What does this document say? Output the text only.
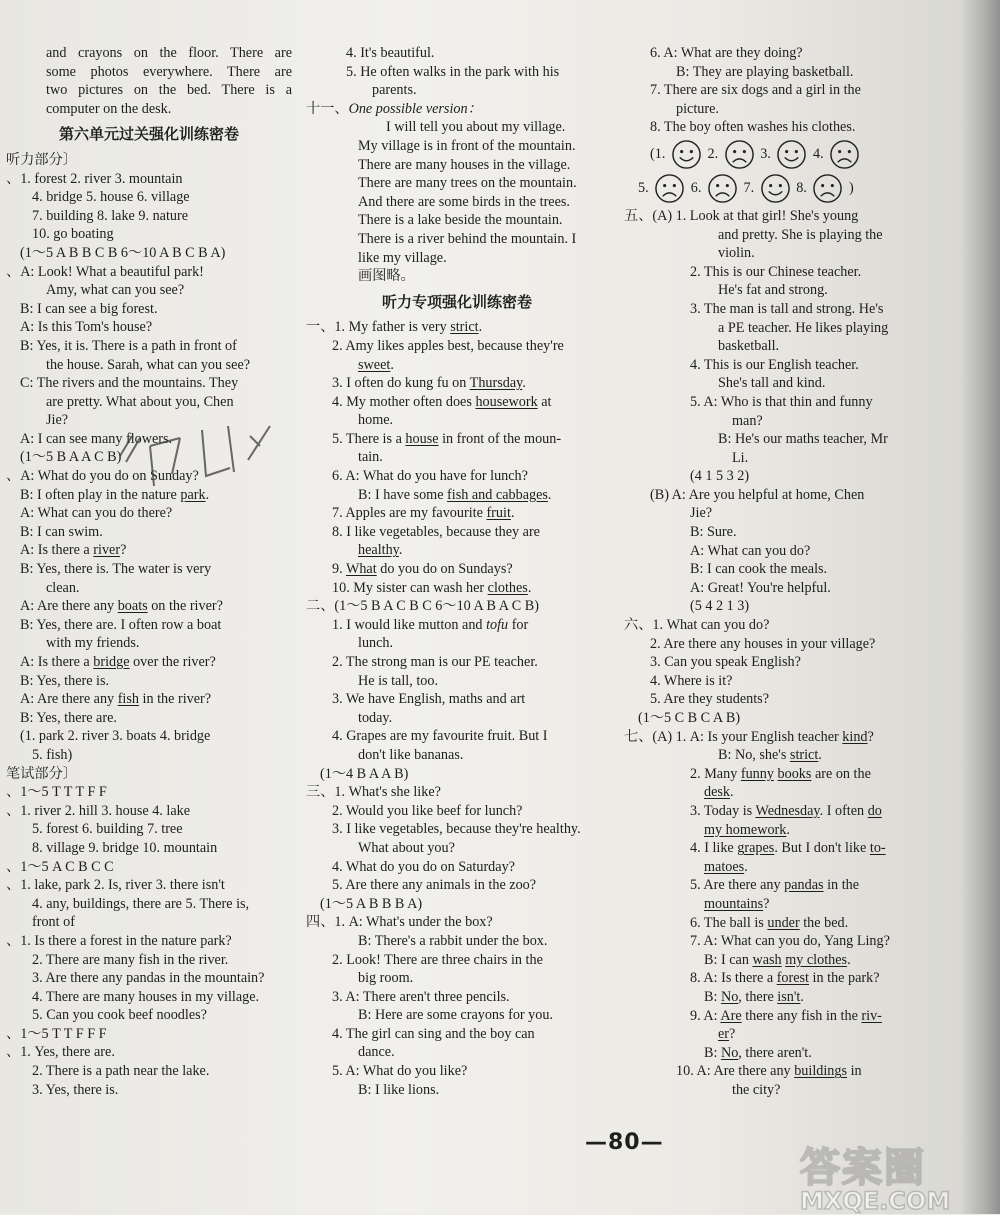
and crayons on the floor. There are
some photos everywhere. There are
two pictures on the bed. There is a
computer on the desk.
第六单元过关强化训练密卷
听力部分〕
、1. forest 2. river 3. mountain
4. bridge 5. house 6. village
7. building 8. lake 9. nature
10. go boating
(1～5 A B B C B 6～10 A B C B A)
、A: Look! What a beautiful park!
Amy, what can you see?
B: I can see a big forest.
A: Is this Tom's house?
B: Yes, it is. There is a path in front of
the house. Sarah, what can you see?
C: The rivers and the mountains. They
are pretty. What about you, Chen
Jie?
A: I can see many flowers.
(1～5 B A A C B)
、A: What do you do on Sunday?
B: I often play in the nature park.
A: What can you do there?
B: I can swim.
A: Is there a river?
B: Yes, there is. The water is very
clean.
A: Are there any boats on the river?
B: Yes, there are. I often row a boat
with my friends.
A: Is there a bridge over the river?
B: Yes, there is.
A: Are there any fish in the river?
B: Yes, there are.
(1. park 2. river 3. boats 4. bridge
5. fish)
笔试部分〕
、1～5 T T T F F
、1. river 2. hill 3. house 4. lake
5. forest 6. building 7. tree
8. village 9. bridge 10. mountain
、1～5 A C B C C
、1. lake, park 2. Is, river 3. there isn't
4. any, buildings, there are 5. There is,
front of
、1. Is there a forest in the nature park?
2. There are many fish in the river.
3. Are there any pandas in the mountain?
4. There are many houses in my village.
5. Can you cook beef noodles?
、1～5 T T F F F
、1. Yes, there are.
2. There is a path near the lake.
3. Yes, there is.
4. It's beautiful.
5. He often walks in the park with his
parents.
十一、One possible version：
I will tell you about my village.
My village is in front of the mountain.
There are many houses in the village.
There are many trees on the mountain.
And there are some birds in the trees.
There is a lake beside the mountain.
There is a river behind the mountain. I
like my village.
画图略。
听力专项强化训练密卷
一、1. My father is very strict.
2. Amy likes apples best, because they're
sweet.
3. I often do kung fu on Thursday.
4. My mother often does housework at
home.
5. There is a house in front of the moun-
tain.
6. A: What do you have for lunch?
B: I have some fish and cabbages.
7. Apples are my favourite fruit.
8. I like vegetables, because they are
healthy.
9. What do you do on Sundays?
10. My sister can wash her clothes.
二、(1～5 B A C B C 6～10 A B A C B)
1. I would like mutton and tofu for
lunch.
2. The strong man is our PE teacher.
He is tall, too.
3. We have English, maths and art
today.
4. Grapes are my favourite fruit. But I
don't like bananas.
(1～4 B A A B)
三、1. What's she like?
2. Would you like beef for lunch?
3. I like vegetables, because they're healthy.
What about you?
4. What do you do on Saturday?
5. Are there any animals in the zoo?
(1～5 A B B B A)
四、1. A: What's under the box?
B: There's a rabbit under the box.
2. Look! There are three chairs in the
big room.
3. A: There aren't three pencils.
B: Here are some crayons for you.
4. The girl can sing and the boy can
dance.
5. A: What do you like?
B: I like lions.
6. A: What are they doing?
B: They are playing basketball.
7. There are six dogs and a girl in the
picture.
8. The boy often washes his clothes.
(1.	2.	3.	4.
5.	6.	7.	8.	)
五、(A) 1. Look at that girl! She's young
and pretty. She is playing the
violin.
2. This is our Chinese teacher.
He's fat and strong.
3. The man is tall and strong. He's
a PE teacher. He likes playing
basketball.
4. This is our English teacher.
She's tall and kind.
5. A: Who is that thin and funny
man?
B: He's our maths teacher, Mr
Li.
(4 1 5 3 2)
(B) A: Are you helpful at home, Chen
Jie?
B: Sure.
A: What can you do?
B: I can cook the meals.
A: Great! You're helpful.
(5 4 2 1 3)
六、1. What can you do?
2. Are there any houses in your village?
3. Can you speak English?
4. Where is it?
5. Are they students?
(1～5 C B C A B)
七、(A) 1. A: Is your English teacher kind?
B: No, she's strict.
2. Many funny books are on the
desk.
3. Today is Wednesday. I often do
my homework.
4. I like grapes. But I don't like to-
matoes.
5. Are there any pandas in the
mountains?
6. The ball is under the bed.
7. A: What can you do, Yang Ling?
B: I can wash my clothes.
8. A: Is there a forest in the park?
B: No, there isn't.
9. A: Are there any fish in the riv-
er?
B: No, there aren't.
10. A: Are there any buildings in
the city?
—80—
答案圈
MXQE.COM
